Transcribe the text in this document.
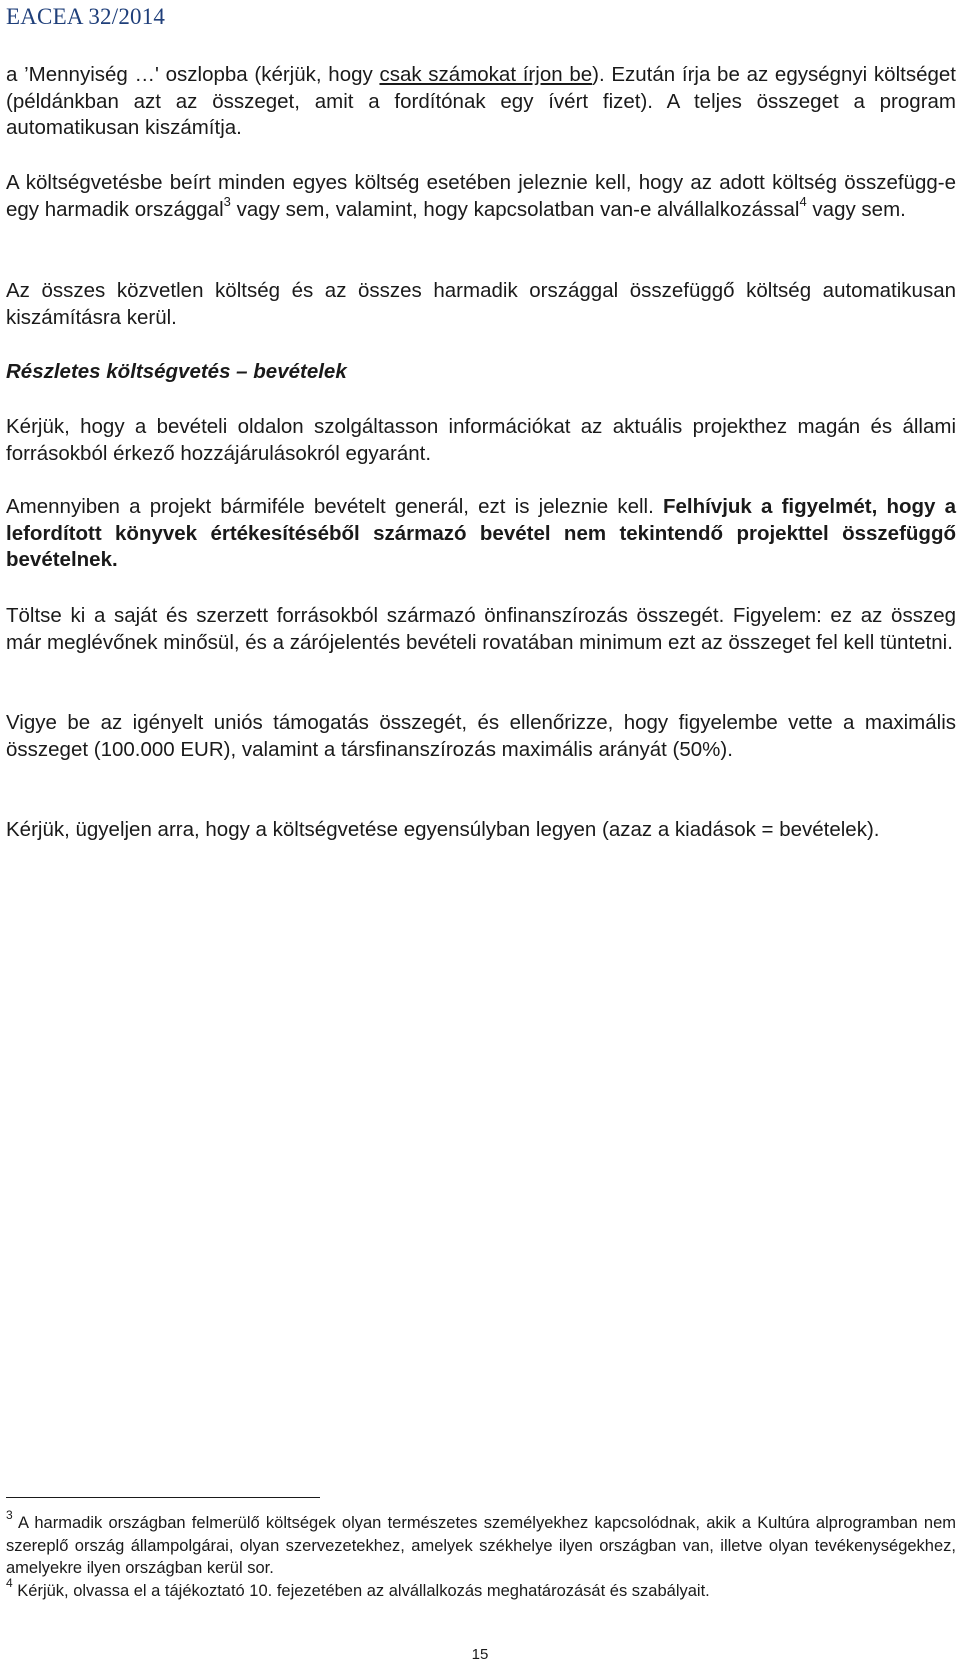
EACEA 32/2014

a ’Mennyiség …' oszlopba (kérjük, hogy csak számokat írjon be). Ezután írja be az egységnyi költséget (példánkban azt az összeget, amit a fordítónak egy ívért fizet). A teljes összeget a program automatikusan kiszámítja.

A költségvetésbe beírt minden egyes költség esetében jeleznie kell, hogy az adott költség összefügg-e egy harmadik országgal$^3$ vagy sem, valamint, hogy kapcsolatban van-e alvállalkozással$^4$ vagy sem.

Az összes közvetlen költség és az összes harmadik országgal összefüggő költség automatikusan kiszámításra kerül.

Részletes költségvetés – bevételek

Kérjük, hogy a bevételi oldalon szolgáltasson információkat az aktuális projekthez magán és állami forrásokból érkező hozzájárulásokról egyaránt.

Amennyiben a projekt bármiféle bevételt generál, ezt is jeleznie kell. Felhívjuk a figyelmét, hogy a lefordított könyvek értékesítéséből származó bevétel nem tekintendő projekttel összefüggő bevételnek.

Töltse ki a saját és szerzett forrásokból származó önfinanszírozás összegét. Figyelem: ez az összeg már meglévőnek minősül, és a zárójelentés bevételi rovatában minimum ezt az összeget fel kell tüntetni.

Vigye be az igényelt uniós támogatás összegét, és ellenőrizze, hogy figyelembe vette a maximális összeget (100.000 EUR), valamint a társfinanszírozás maximális arányát (50%).

Kérjük, ügyeljen arra, hogy a költségvetése egyensúlyban legyen (azaz a kiadások = bevételek).

$^3$ A harmadik országban felmerülő költségek olyan természetes személyekhez kapcsolódnak, akik a Kultúra alprogramban nem szereplő ország állampolgárai, olyan szervezetekhez, amelyek székhelye ilyen országban van, illetve olyan tevékenységekhez, amelyekre ilyen országban kerül sor.

$^4$ Kérjük, olvassa el a tájékoztató 10. fejezetében az alvállalkozás meghatározását és szabályait.

15
